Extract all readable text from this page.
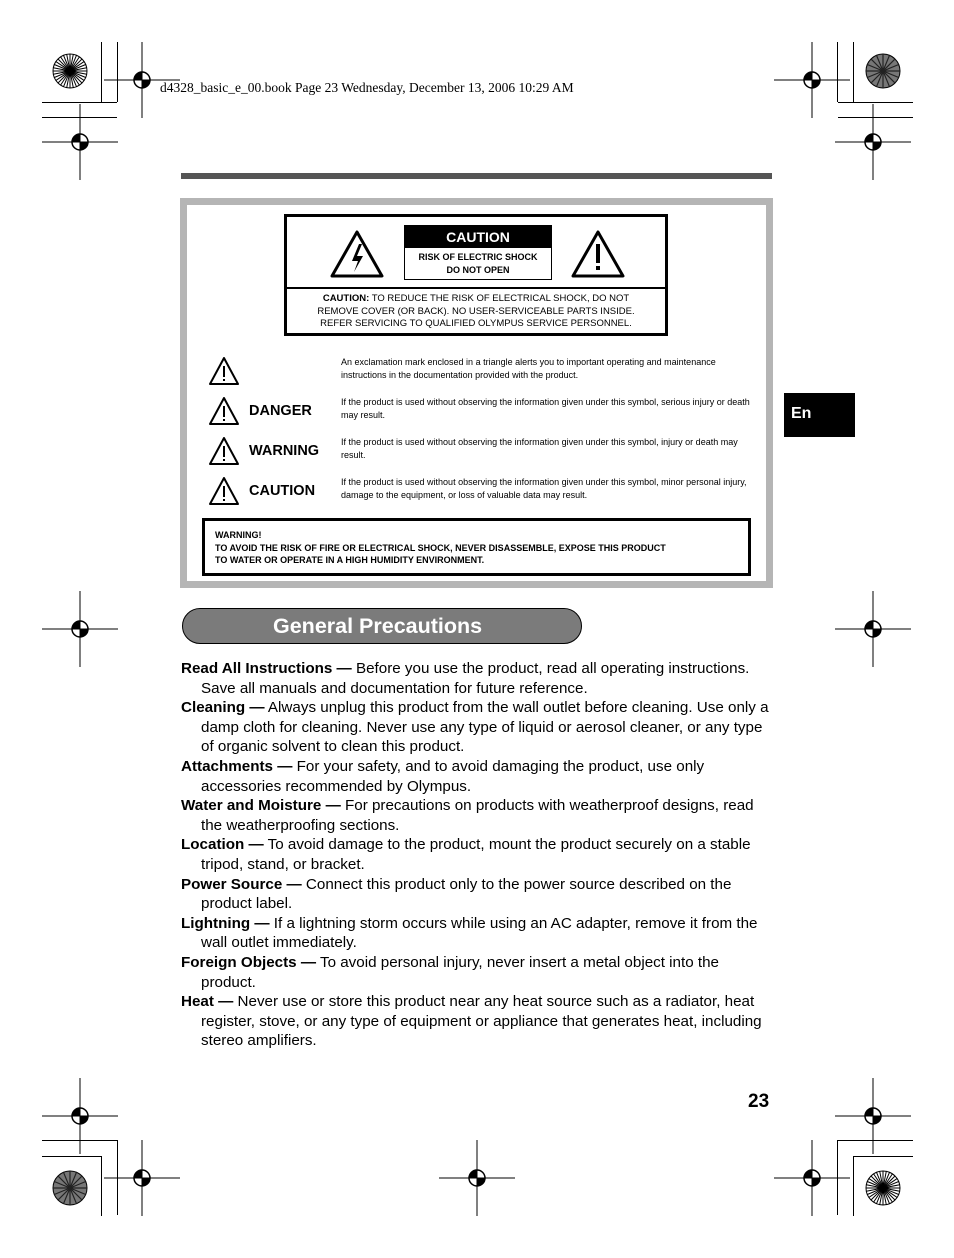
d4328_basic_e_00.book Page 23 Wednesday, December 13, 2006 10:29 AM
En
CAUTION
RISK OF ELECTRIC SHOCK
DO NOT OPEN
CAUTION: TO REDUCE THE RISK OF ELECTRICAL SHOCK, DO NOT
REMOVE COVER (OR BACK). NO USER-SERVICEABLE PARTS INSIDE.
REFER SERVICING TO QUALIFIED OLYMPUS SERVICE PERSONNEL.
An exclamation mark enclosed in a triangle alerts you to important operating and maintenance instructions in the documentation provided with the product.
DANGER
If the product is used without observing the information given under this symbol, serious injury or death may result.
WARNING
If the product is used without observing the information given under this symbol, injury or death may result.
CAUTION
If the product is used without observing the information given under this symbol, minor personal injury, damage to the equipment, or loss of valuable data may result.
WARNING!
TO AVOID THE RISK OF FIRE OR ELECTRICAL SHOCK, NEVER DISASSEMBLE, EXPOSE THIS PRODUCT
TO WATER OR OPERATE IN A HIGH HUMIDITY ENVIRONMENT.
General Precautions
Read All Instructions — Before you use the product, read all operating instructions. Save all manuals and documentation for future reference.
Cleaning — Always unplug this product from the wall outlet before cleaning. Use only a damp cloth for cleaning. Never use any type of liquid or aerosol cleaner, or any type of organic solvent to clean this product.
Attachments — For your safety, and to avoid damaging the product, use only accessories recommended by Olympus.
Water and Moisture — For precautions on products with weatherproof designs, read the weatherproofing sections.
Location — To avoid damage to the product, mount the product securely on a stable tripod, stand, or bracket.
Power Source — Connect this product only to the power source described on the product label.
Lightning — If a lightning storm occurs while using an AC adapter, remove it from the wall outlet immediately.
Foreign Objects — To avoid personal injury, never insert a metal object into the product.
Heat — Never use or store this product near any heat source such as a radiator, heat register, stove, or any type of equipment or appliance that generates heat, including stereo amplifiers.
23
